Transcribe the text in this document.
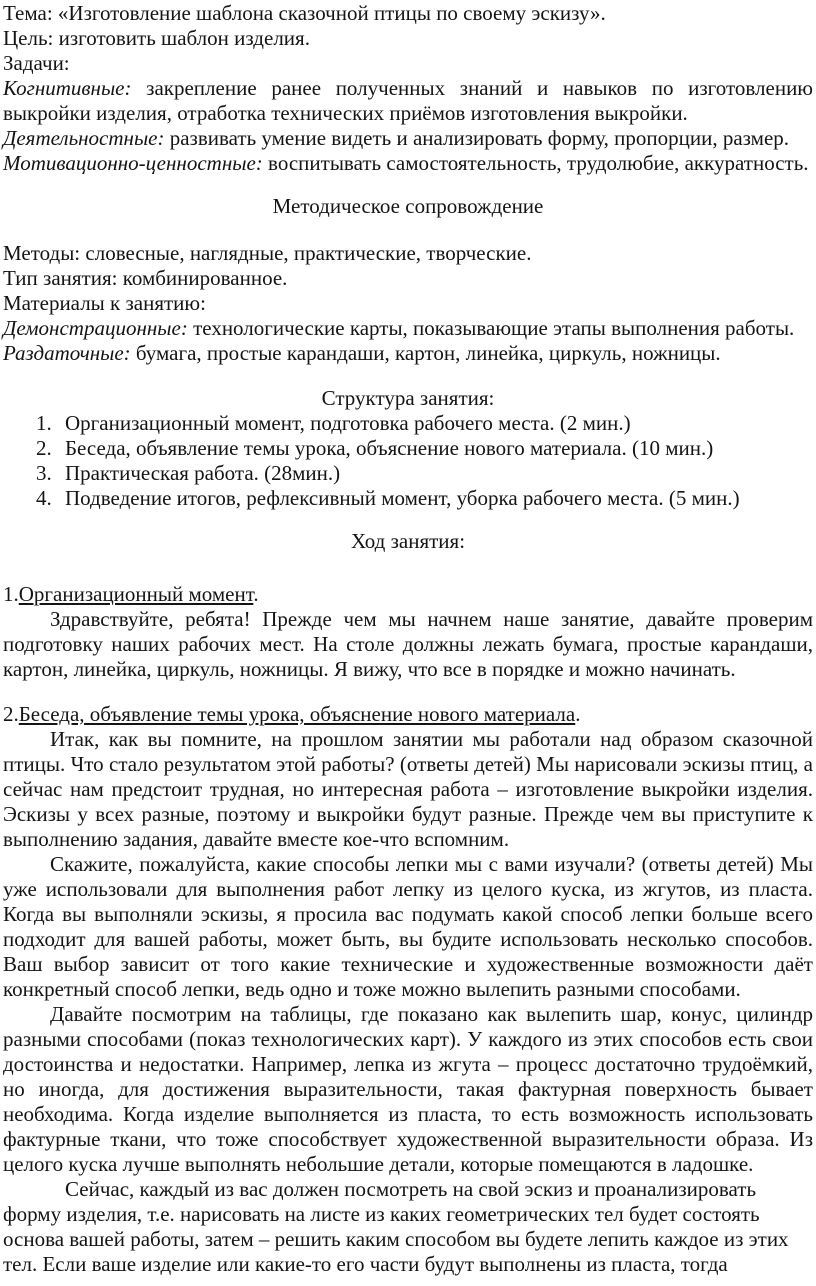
Тема: «Изготовление шаблона сказочной птицы по своему эскизу».

Цель: изготовить шаблон изделия.

Задачи:

Когнитивные: закрепление ранее полученных знаний и навыков по изготовлению выкройки изделия, отработка технических приёмов изготовления выкройки.

Деятельностные: развивать умение видеть и анализировать форму, пропорции, размер.

Мотивационно-ценностные: воспитывать самостоятельность, трудолюбие, аккуратность.

Методическое сопровождение

Методы: словесные, наглядные, практические, творческие.

Тип занятия: комбинированное.

Материалы к занятию:

Демонстрационные: технологические карты, показывающие этапы выполнения работы.

Раздаточные: бумага, простые карандаши, картон, линейка, циркуль, ножницы.

Структура занятия:

1. Организационный момент, подготовка рабочего места. (2 мин.)

2. Беседа, объявление темы урока, объяснение нового материала. (10 мин.)

3. Практическая работа. (28мин.)

4. Подведение итогов, рефлексивный момент, уборка рабочего места. (5 мин.)

Ход занятия:

1.Организационный момент.

Здравствуйте, ребята! Прежде чем мы начнем наше занятие, давайте проверим подготовку наших рабочих мест. На столе должны лежать бумага, простые карандаши, картон, линейка, циркуль, ножницы. Я вижу, что все в порядке и можно начинать.

2.Беседа, объявление темы урока, объяснение нового материала.

Итак, как вы помните, на прошлом занятии мы работали над образом сказочной птицы. Что стало результатом этой работы? (ответы детей) Мы нарисовали эскизы птиц, а сейчас нам предстоит трудная, но интересная работа – изготовление выкройки изделия. Эскизы у всех разные, поэтому и выкройки будут разные. Прежде чем вы приступите к выполнению задания, давайте вместе кое-что вспомним.

Скажите, пожалуйста, какие способы лепки мы с вами изучали? (ответы детей) Мы уже использовали для выполнения работ лепку из целого куска, из жгутов, из пласта. Когда вы выполняли эскизы, я просила вас подумать какой способ лепки больше всего подходит для вашей работы, может быть, вы будите использовать несколько способов. Ваш выбор зависит от того какие технические и художественные возможности даёт конкретный способ лепки, ведь одно и тоже можно вылепить разными способами.

Давайте посмотрим на таблицы, где показано как вылепить шар, конус, цилиндр разными способами (показ технологических карт). У каждого из этих способов есть свои достоинства и недостатки. Например, лепка из жгута – процесс достаточно трудоёмкий, но иногда, для достижения выразительности, такая фактурная поверхность бывает необходима. Когда изделие выполняется из пласта, то есть возможность использовать фактурные ткани, что тоже способствует художественной выразительности образа. Из целого куска лучше выполнять небольшие детали, которые помещаются в ладошке.

Сейчас, каждый из вас должен посмотреть на свой эскиз и проанализировать форму изделия, т.е. нарисовать на листе из каких геометрических тел будет состоять основа вашей работы, затем – решить каким способом вы будете лепить каждое из этих тел. Если ваше изделие или какие-то его части будут выполнены из пласта, тогда
